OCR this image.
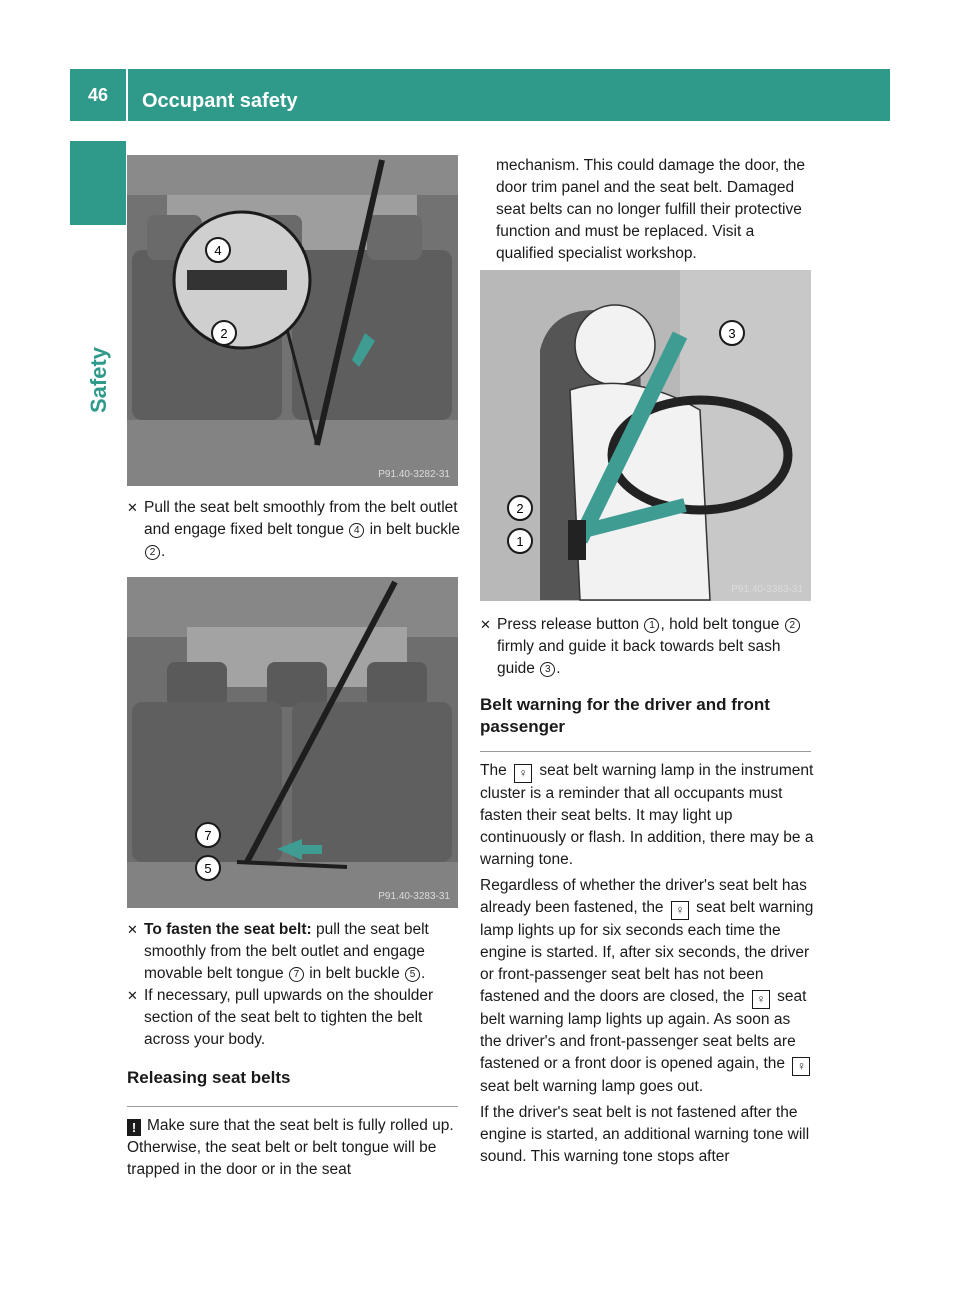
46	Occupant safety
Safety
4
2
P91.40-3282-31

✕ Pull the seat belt smoothly from the belt outlet and engage fixed belt tongue 4 in belt buckle 2 .

7
5
P91.40-3283-31

✕ To fasten the seat belt: pull the seat belt smoothly from the belt outlet and engage movable belt tongue 7 in belt buckle 5 .

✕ If necessary, pull upwards on the shoulder section of the seat belt to tighten the belt across your body.

Releasing seat belts

! Make sure that the seat belt is fully rolled up. Otherwise, the seat belt or belt tongue will be trapped in the door or in the seat

mechanism. This could damage the door, the door trim panel and the seat belt. Damaged seat belts can no longer fulfill their protective function and must be replaced. Visit a qualified specialist workshop.

3
2
1
P91.40-3363-31

✕ Press release button 1 , hold belt tongue 2 firmly and guide it back towards belt sash guide 3 .

Belt warning for the driver and front passenger

The ♀ seat belt warning lamp in the instrument cluster is a reminder that all occupants must fasten their seat belts. It may light up continuously or flash. In addition, there may be a warning tone.

Regardless of whether the driver's seat belt has already been fastened, the ♀ seat belt warning lamp lights up for six seconds each time the engine is started. If, after six seconds, the driver or front-passenger seat belt has not been fastened and the doors are closed, the ♀ seat belt warning lamp lights up again. As soon as the driver's and front-passenger seat belts are fastened or a front door is opened again, the ♀ seat belt warning lamp goes out.

If the driver's seat belt is not fastened after the engine is started, an additional warning tone will sound. This warning tone stops after
